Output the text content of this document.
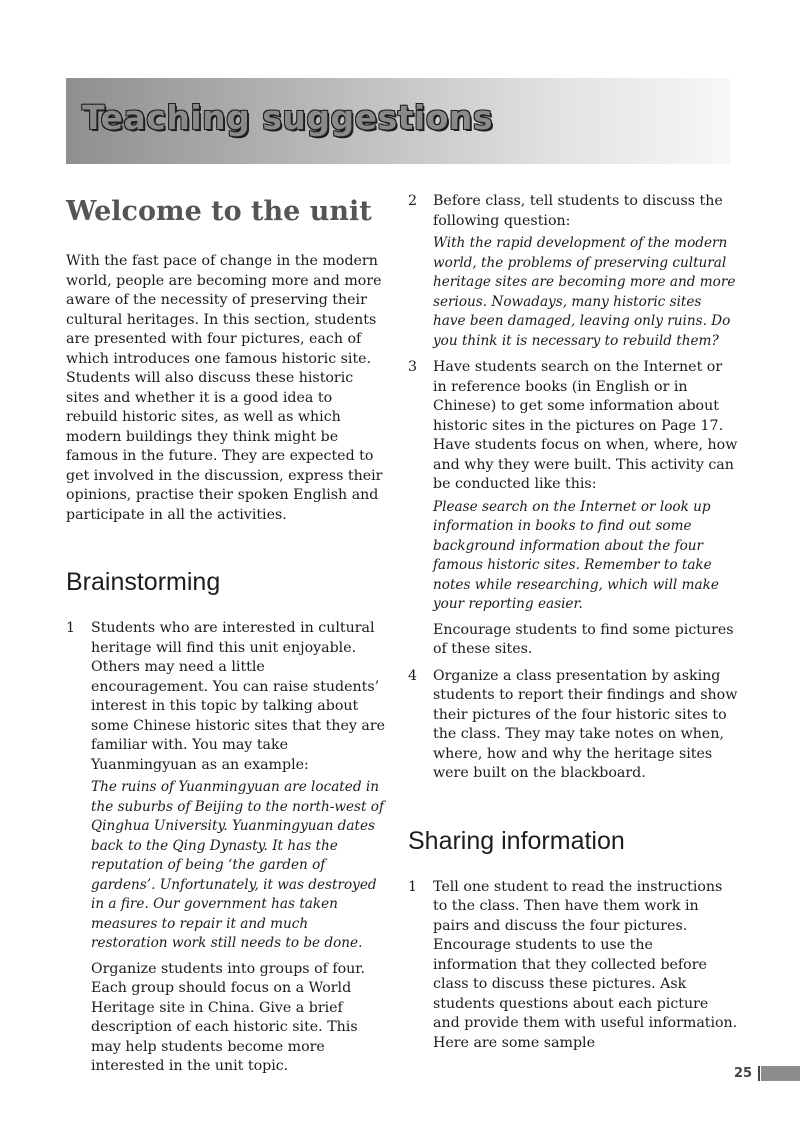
Teaching suggestions
Welcome to the unit

With the fast pace of change in the modern world, people are becoming more and more aware of the necessity of preserving their cultural heritages. In this section, students are presented with four pictures, each of which introduces one famous historic site. Students will also discuss these historic sites and whether it is a good idea to rebuild historic sites, as well as which modern buildings they think might be famous in the future. They are expected to get involved in the discussion, express their opinions, practise their spoken English and participate in all the activities.

Brainstorming
1 Students who are interested in cultural heritage will find this unit enjoyable. Others may need a little encouragement. You can raise students’ interest in this topic by talking about some Chinese historic sites that they are familiar with. You may take Yuanmingyuan as an example:

The ruins of Yuanmingyuan are located in the suburbs of Beijing to the north-west of Qinghua University. Yuanmingyuan dates back to the Qing Dynasty. It has the reputation of being ‘the garden of gardens’. Unfortunately, it was destroyed in a fire. Our government has taken measures to repair it and much restoration work still needs to be done.

Organize students into groups of four. Each group should focus on a World Heritage site in China. Give a brief description of each historic site. This may help students become more interested in the unit topic.

2 Before class, tell students to discuss the following question:

With the rapid development of the modern world, the problems of preserving cultural heritage sites are becoming more and more serious. Nowadays, many historic sites have been damaged, leaving only ruins. Do you think it is necessary to rebuild them?

3 Have students search on the Internet or in reference books (in English or in Chinese) to get some information about historic sites in the pictures on Page 17. Have students focus on when, where, how and why they were built. This activity can be conducted like this:

Please search on the Internet or look up information in books to find out some background information about the four famous historic sites. Remember to take notes while researching, which will make your reporting easier.

Encourage students to find some pictures of these sites.

4 Organize a class presentation by asking students to report their findings and show their pictures of the four historic sites to the class. They may take notes on when, where, how and why the heritage sites were built on the blackboard.

Sharing information
1 Tell one student to read the instructions to the class. Then have them work in pairs and discuss the four pictures. Encourage students to use the information that they collected before class to discuss these pictures. Ask students questions about each picture and provide them with useful information. Here are some sample

25
